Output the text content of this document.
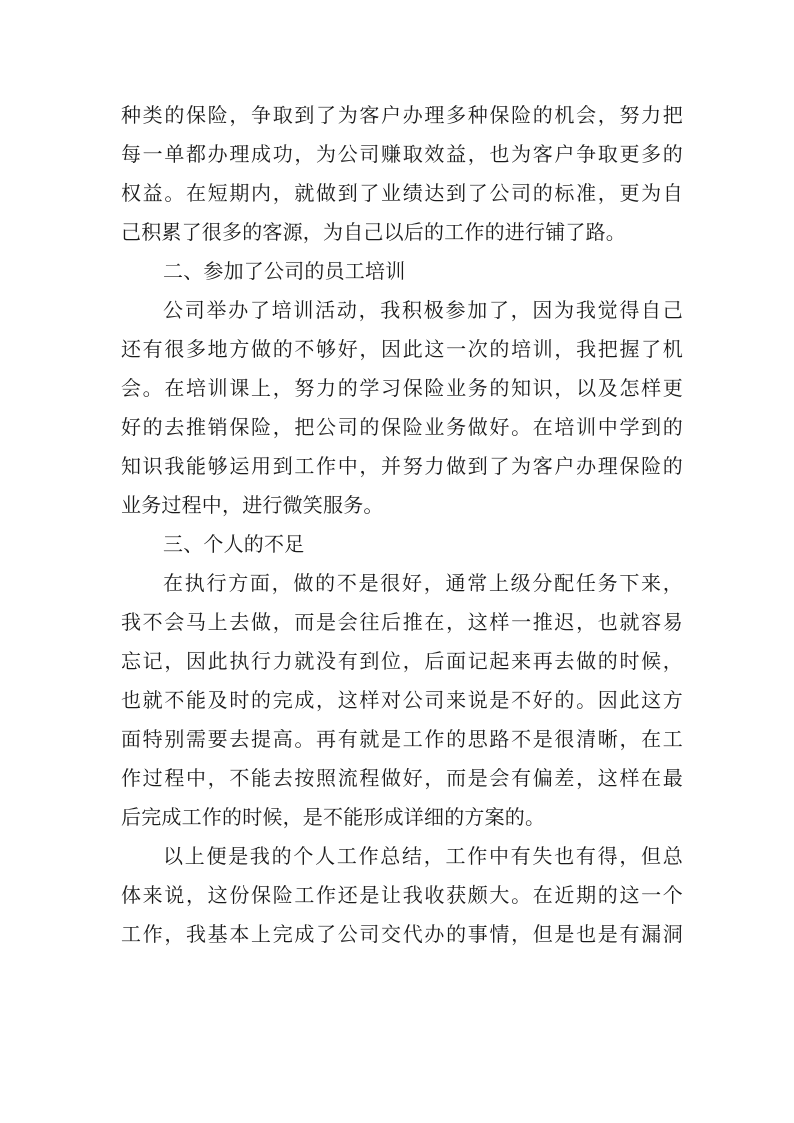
种类的保险，争取到了为客户办理多种保险的机会，努力把
每一单都办理成功，为公司赚取效益，也为客户争取更多的
权益。在短期内，就做到了业绩达到了公司的标准，更为自
己积累了很多的客源，为自己以后的工作的进行铺了路。
二、参加了公司的员工培训
公司举办了培训活动，我积极参加了，因为我觉得自己
还有很多地方做的不够好，因此这一次的培训，我把握了机
会。在培训课上，努力的学习保险业务的知识，以及怎样更
好的去推销保险，把公司的保险业务做好。在培训中学到的
知识我能够运用到工作中，并努力做到了为客户办理保险的
业务过程中，进行微笑服务。
三、个人的不足
在执行方面，做的不是很好，通常上级分配任务下来，
我不会马上去做，而是会往后推在，这样一推迟，也就容易
忘记，因此执行力就没有到位，后面记起来再去做的时候，
也就不能及时的完成，这样对公司来说是不好的。因此这方
面特别需要去提高。再有就是工作的思路不是很清晰，在工
作过程中，不能去按照流程做好，而是会有偏差，这样在最
后完成工作的时候，是不能形成详细的方案的。
以上便是我的个人工作总结，工作中有失也有得，但总
体来说，这份保险工作还是让我收获颇大。在近期的这一个
工作，我基本上完成了公司交代办的事情，但是也是有漏洞
